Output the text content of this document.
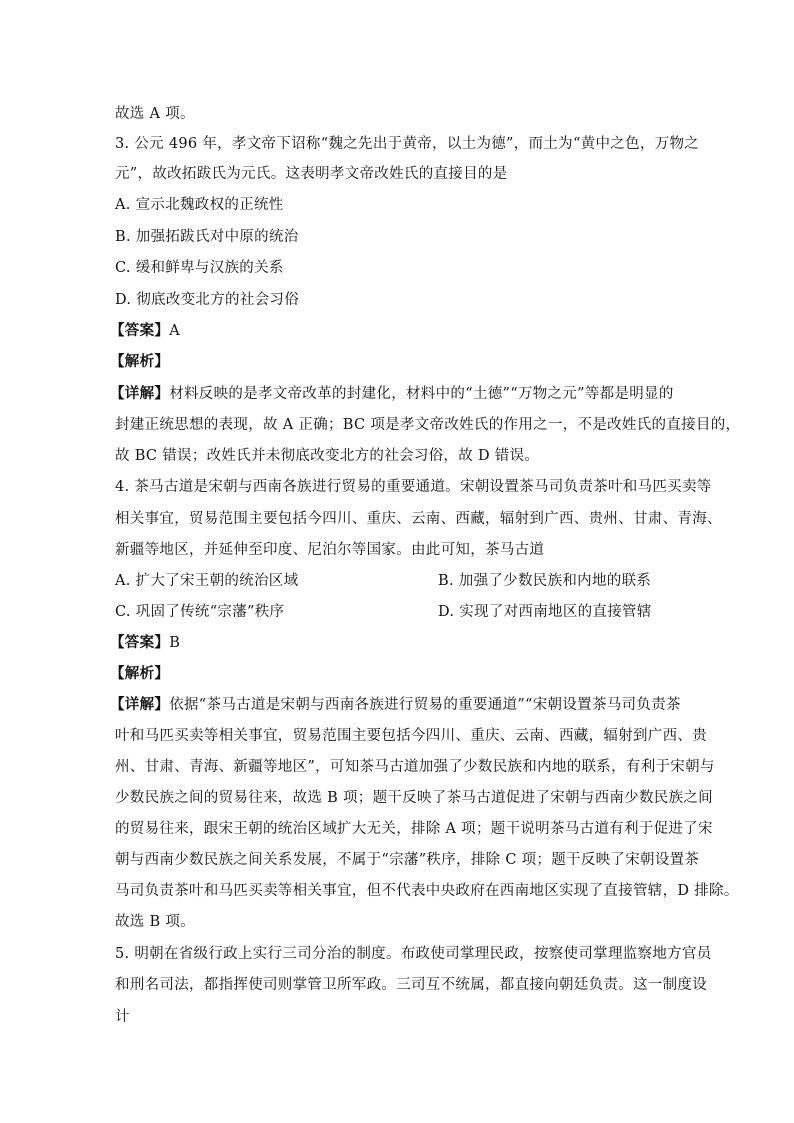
故选 A 项。
3. 公元 496 年，孝文帝下诏称“魏之先出于黄帝，以土为德”，而土为“黄中之色，万物之
元”，故改拓跋氏为元氏。这表明孝文帝改姓氏的直接目的是
A. 宣示北魏政权的正统性
B. 加强拓跋氏对中原的统治
C. 缓和鲜卑与汉族的关系
D. 彻底改变北方的社会习俗
【答案】A
【解析】
【详解】材料反映的是孝文帝改革的封建化，材料中的“土德”“万物之元”等都是明显的
封建正统思想的表现，故 A 正确；BC 项是孝文帝改姓氏的作用之一，不是改姓氏的直接目的，
故 BC 错误；改姓氏并未彻底改变北方的社会习俗，故 D 错误。
4. 茶马古道是宋朝与西南各族进行贸易的重要通道。宋朝设置茶马司负责茶叶和马匹买卖等
相关事宜，贸易范围主要包括今四川、重庆、云南、西藏，辐射到广西、贵州、甘肃、青海、
新疆等地区，并延伸至印度、尼泊尔等国家。由此可知，茶马古道
A. 扩大了宋王朝的统治区域	B. 加强了少数民族和内地的联系
C. 巩固了传统“宗藩”秩序	D. 实现了对西南地区的直接管辖
【答案】B
【解析】
【详解】依据“茶马古道是宋朝与西南各族进行贸易的重要通道”“宋朝设置茶马司负责茶
叶和马匹买卖等相关事宜，贸易范围主要包括今四川、重庆、云南、西藏，辐射到广西、贵
州、甘肃、青海、新疆等地区”，可知茶马古道加强了少数民族和内地的联系，有利于宋朝与
少数民族之间的贸易往来，故选 B 项；题干反映了茶马古道促进了宋朝与西南少数民族之间
的贸易往来，跟宋王朝的统治区域扩大无关，排除 A 项；题干说明茶马古道有利于促进了宋
朝与西南少数民族之间关系发展，不属于“宗藩”秩序，排除 C 项；题干反映了宋朝设置茶
马司负责茶叶和马匹买卖等相关事宜，但不代表中央政府在西南地区实现了直接管辖，D 排除。
故选 B 项。
5. 明朝在省级行政上实行三司分治的制度。布政使司掌理民政，按察使司掌理监察地方官员
和刑名司法，都指挥使司则掌管卫所军政。三司互不统属，都直接向朝廷负责。这一制度设
计
